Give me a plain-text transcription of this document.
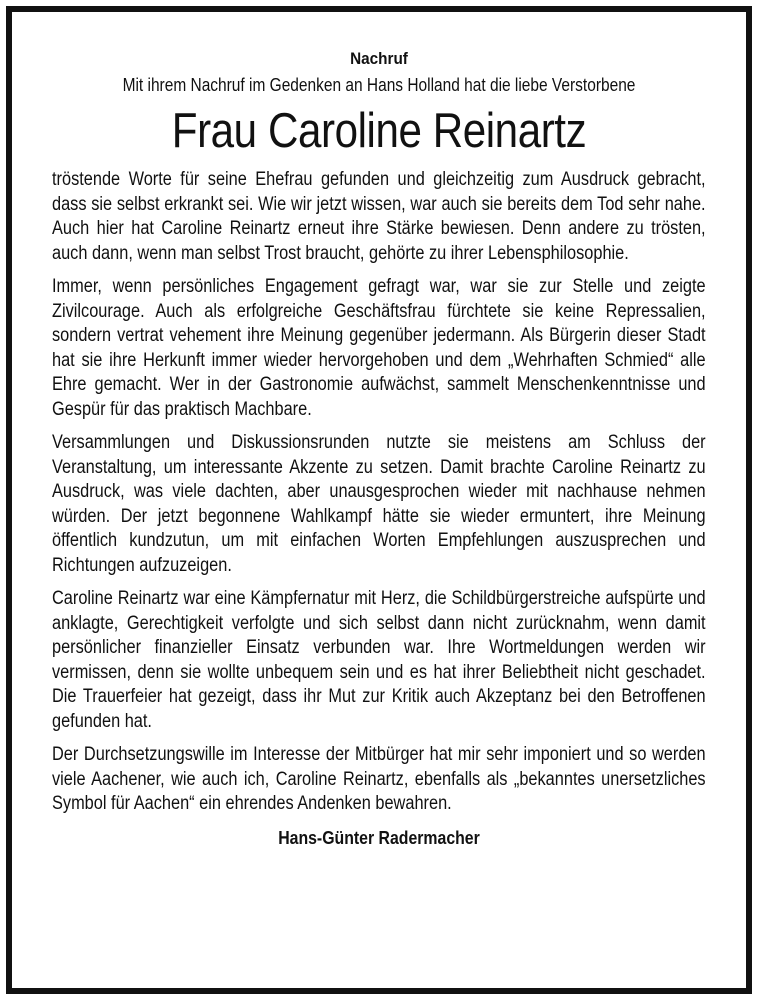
Nachruf
Mit ihrem Nachruf im Gedenken an Hans Holland hat die liebe Verstorbene
Frau Caroline Reinartz

tröstende Worte für seine Ehefrau gefunden und gleichzeitig zum Ausdruck gebracht, dass sie selbst erkrankt sei. Wie wir jetzt wissen, war auch sie bereits dem Tod sehr nahe. Auch hier hat Caroline Reinartz erneut ihre Stärke bewiesen. Denn andere zu trösten, auch dann, wenn man selbst Trost braucht, gehörte zu ihrer Lebensphilosophie.

Immer, wenn persönliches Engagement gefragt war, war sie zur Stelle und zeigte Zivilcourage. Auch als erfolgreiche Geschäftsfrau fürchtete sie keine Repressalien, sondern vertrat vehement ihre Meinung gegenüber jedermann. Als Bürgerin dieser Stadt hat sie ihre Herkunft immer wieder hervorgehoben und dem „Wehrhaften Schmied“ alle Ehre gemacht. Wer in der Gastronomie aufwächst, sammelt Menschenkenntnisse und Gespür für das praktisch Machbare.

Versammlungen und Diskussionsrunden nutzte sie meistens am Schluss der Veranstaltung, um interessante Akzente zu setzen. Damit brachte Caroline Reinartz zu Ausdruck, was viele dachten, aber unausgesprochen wieder mit nachhause nehmen würden. Der jetzt begonnene Wahlkampf hätte sie wieder ermuntert, ihre Meinung öffentlich kundzutun, um mit einfachen Worten Empfehlungen auszusprechen und Richtungen aufzuzeigen.

Caroline Reinartz war eine Kämpfernatur mit Herz, die Schildbürgerstreiche aufspürte und anklagte, Gerechtigkeit verfolgte und sich selbst dann nicht zurücknahm, wenn damit persönlicher finanzieller Einsatz verbunden war. Ihre Wortmeldungen werden wir vermissen, denn sie wollte unbequem sein und es hat ihrer Beliebtheit nicht geschadet. Die Trauerfeier hat gezeigt, dass ihr Mut zur Kritik auch Akzeptanz bei den Betroffenen gefunden hat.

Der Durchsetzungswille im Interesse der Mitbürger hat mir sehr imponiert und so werden viele Aachener, wie auch ich, Caroline Reinartz, ebenfalls als „bekanntes unersetzliches Symbol für Aachen“ ein ehrendes Andenken bewahren.

Hans-Günter Radermacher
